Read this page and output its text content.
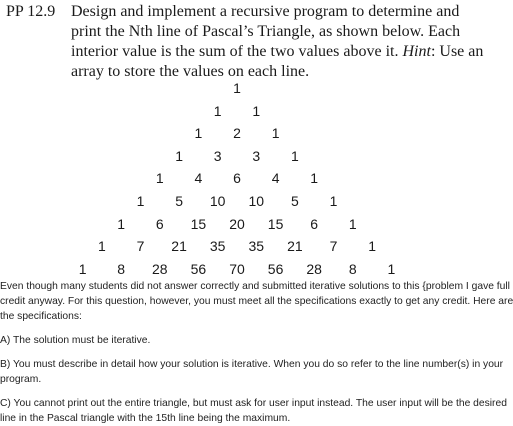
PP 12.9 Design and implement a recursive program to determine and
print the Nth line of Pascal’s Triangle, as shown below. Each
interior value is the sum of the two values above it. Hint: Use an
array to store the values on each line.
1
1 1
1 2 1
1 3 3 1
1 4 6 4 1
1 5 10 10 5 1
1 6 15 20 15 6 1
1 7 21 35 35 21 7 1
1 8 28 56 70 56 28 8 1
Even though many students did not answer correctly and submitted iterative solutions to this {problem I gave full
credit anyway. For this question, however, you must meet all the specifications exactly to get any credit. Here are
the specifications:
A) The solution must be iterative.
B) You must describe in detail how your solution is iterative. When you do so refer to the line number(s) in your
program.
C) You cannot print out the entire triangle, but must ask for user input instead. The user input will be the desired
line in the Pascal triangle with the 15th line being the maximum.
